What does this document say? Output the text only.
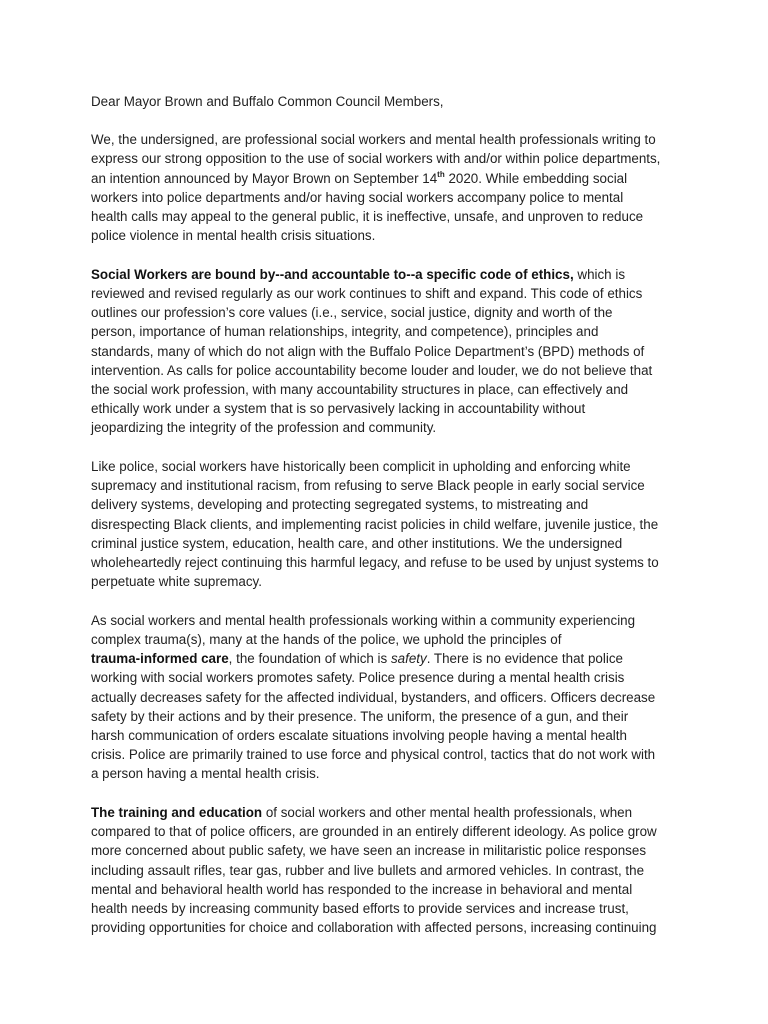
Dear Mayor Brown and Buffalo Common Council Members,

We, the undersigned, are professional social workers and mental health professionals writing to
express our strong opposition to the use of social workers with and/or within police departments,
an intention announced by Mayor Brown on September 14th 2020. While embedding social
workers into police departments and/or having social workers accompany police to mental
health calls may appeal to the general public, it is ineffective, unsafe, and unproven to reduce
police violence in mental health crisis situations.

Social Workers are bound by--and accountable to--a specific code of ethics, which is
reviewed and revised regularly as our work continues to shift and expand. This code of ethics
outlines our profession’s core values (i.e., service, social justice, dignity and worth of the
person, importance of human relationships, integrity, and competence), principles and
standards, many of which do not align with the Buffalo Police Department’s (BPD) methods of
intervention. As calls for police accountability become louder and louder, we do not believe that
the social work profession, with many accountability structures in place, can effectively and
ethically work under a system that is so pervasively lacking in accountability without
jeopardizing the integrity of the profession and community.

Like police, social workers have historically been complicit in upholding and enforcing white
supremacy and institutional racism, from refusing to serve Black people in early social service
delivery systems, developing and protecting segregated systems, to mistreating and
disrespecting Black clients, and implementing racist policies in child welfare, juvenile justice, the
criminal justice system, education, health care, and other institutions. We the undersigned
wholeheartedly reject continuing this harmful legacy, and refuse to be used by unjust systems to
perpetuate white supremacy.

As social workers and mental health professionals working within a community experiencing
complex trauma(s), many at the hands of the police, we uphold the principles of
trauma-informed care, the foundation of which is safety. There is no evidence that police
working with social workers promotes safety. Police presence during a mental health crisis
actually decreases safety for the affected individual, bystanders, and officers. Officers decrease
safety by their actions and by their presence. The uniform, the presence of a gun, and their
harsh communication of orders escalate situations involving people having a mental health
crisis. Police are primarily trained to use force and physical control, tactics that do not work with
a person having a mental health crisis.

The training and education of social workers and other mental health professionals, when
compared to that of police officers, are grounded in an entirely different ideology. As police grow
more concerned about public safety, we have seen an increase in militaristic police responses
including assault rifles, tear gas, rubber and live bullets and armored vehicles. In contrast, the
mental and behavioral health world has responded to the increase in behavioral and mental
health needs by increasing community based efforts to provide services and increase trust,
providing opportunities for choice and collaboration with affected persons, increasing continuing
